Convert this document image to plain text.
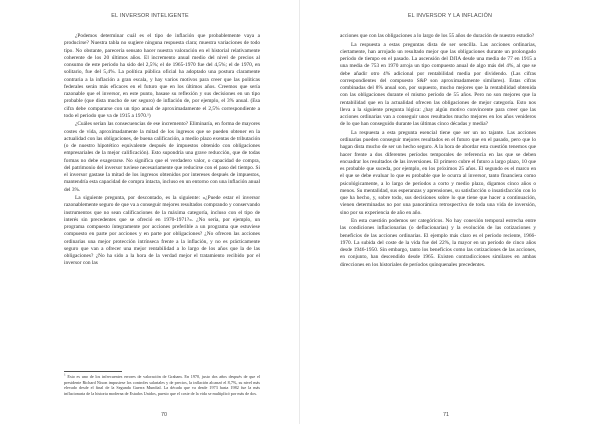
EL INVERSOR INTELIGENTE

¿Podemos determinar cuál es el tipo de inflación que probablemente vaya a producirse? Nuestra tabla no sugiere ninguna respuesta clara; muestra variaciones de todo tipo. No obstante, parecería sensato hacer nuestra valoración en el historial relativamente coherente de los 20 últimos años. El incremento anual medio del nivel de precios al consumo de este periodo ha sido del 2,5%; el de 1965-1970 fue del 4,5%; el de 1970, en solitario, fue del 5,4%. La política pública oficial ha adoptado una postura claramente contraria a la inflación a gran escala, y hay varios motivos para creer que las políticas federales serán más eficaces en el futuro que en los últimos años. Creemos que sería razonable que el inversor, en este punto, basase su reflexión y sus decisiones en un tipo probable (que dista mucho de ser seguro) de inflación de, por ejemplo, el 3% anual. (Esa cifra debe compararse con un tipo anual de aproximadamente el 2,5% correspondiente a todo el periodo que va de 1915 a 1970.¹)

¿Cuáles serían las consecuencias de ese incremento? Eliminaría, en forma de mayores costes de vida, aproximadamente la mitad de los ingresos que se pueden obtener en la actualidad con las obligaciones, de buena calificación, a medio plazo exentas de tributación (o de nuestro hipotético equivalente después de impuestos obtenido con obligaciones empresariales de la mejor calificación). Esto supondría una grave reducción, que de todas formas no debe exagerarse. No significa que el verdadero valor, o capacidad de compra, del patrimonio del inversor tuviese necesariamente que reducirse con el paso del tiempo. Si el inversor gastase la mitad de los ingresos obtenidos por intereses después de impuestos, mantendría esta capacidad de compra intacta, incluso en un entorno con una inflación anual del 3%.

La siguiente pregunta, por descontado, es la siguiente: «¿Puede estar el inversor razonablemente seguro de que va a conseguir mejores resultados comprando y conservando instrumentos que no sean calificaciones de la máxima categoría, incluso con el tipo de interés sin precedentes que se ofreció en 1970-1971?». ¿No sería, por ejemplo, un programa compuesto íntegramente por acciones preferible a un programa que estuviese compuesto en parte por acciones y en parte por obligaciones? ¿No ofrecen las acciones ordinarias una mejor protección intrínseca frente a la inflación, y no es prácticamente seguro que van a ofrecer una mejor rentabilidad a lo largo de los años que la de las obligaciones? ¿No ha sido a la hora de la verdad mejor el tratamiento recibido por el inversor con las

$^1$ Esto es uno de los infrecuentes errores de valoración de Graham. En 1970, justo dos años después de que el presidente Richard Nixon impusiese los controles salariales y de precios, la inflación alcanzó el 8,7%, su nivel más elevado desde el final de la Segunda Guerra Mundial. La década que va desde 1973 hasta 1982 fue la más inflacionaria de la historia moderna de Estados Unidos, puesto que el coste de la vida se multiplicó por más de dos.
70
EL INVERSOR Y LA INFLACIÓN

acciones que con las obligaciones a lo largo de los 55 años de duración de nuestro estudio?

La respuesta a estas preguntas dista de ser sencilla. Las acciones ordinarias, ciertamente, han arrojado un resultado mejor que las obligaciones durante un prolongado período de tiempo en el pasado. La ascensión del DJIA desde una media de 77 en 1915 a una media de 753 en 1970 arroja un tipo compuesto anual de algo más del 4%, al que se debe añadir otro 4% adicional por rentabilidad media por dividendo. (Las cifras correspondientes del compuesto S&P son aproximadamente similares). Estas cifras combinadas del 8% anual son, por supuesto, mucho mejores que la rentabilidad obtenida con las obligaciones durante el mismo período de 55 años. Pero no son mejores que la rentabilidad que en la actualidad ofrecen las obligaciones de mejor categoría. Esto nos lleva a la siguiente pregunta lógica: ¿hay algún motivo convincente para creer que las acciones ordinarias van a conseguir unos resultados mucho mejores en los años venideros de lo que han conseguido durante las últimas cinco décadas y media?

La respuesta a esta pregunta esencial tiene que ser un no tajante. Las acciones ordinarias pueden conseguir mejores resultados en el futuro que en el pasado, pero que lo hagan dista mucho de ser un hecho seguro. A la hora de abordar esta cuestión tenemos que hacer frente a dos diferentes períodos temporales de referencia en las que se deben encuadrar los resultados de las inversiones. El primero cubre el futuro a largo plazo, 10 que es probable que suceda, por ejemplo, en los próximos 25 años. El segundo es el marco en el que se debe evaluar lo que es probable que le ocurra al inversor, tanto financiera como psicológicamente, a lo largo de períodos a corto y medio plazo, digamos cinco años o menos. Su mentalidad, sus esperanzas y aprensiones, su satisfacción o insatisfacción con lo que ha hecho, y, sobre todo, sus decisiones sobre lo que tiene que hacer a continuación, vienen determinadas no por una panorámica retrospectiva de toda una vida de inversión, sino por su experiencia de año en año.

En esta cuestión podemos ser categóricos. No hay conexión temporal estrecha entre las condiciones inflacionarias (o deflacionarias) y la evolución de las cotizaciones y beneficios de las acciones ordinarias. El ejemplo más claro es el período reciente, 1966-1970. La subida del coste de la vida fue del 22%, la mayor en un período de cinco años desde 1946-1950. Sin embargo, tanto los beneficios como las cotizaciones de las acciones, en conjunto, han descendido desde 1965. Existen contradicciones similares en ambas direcciones en los historiales de períodos quinquenales precedentes.

71
